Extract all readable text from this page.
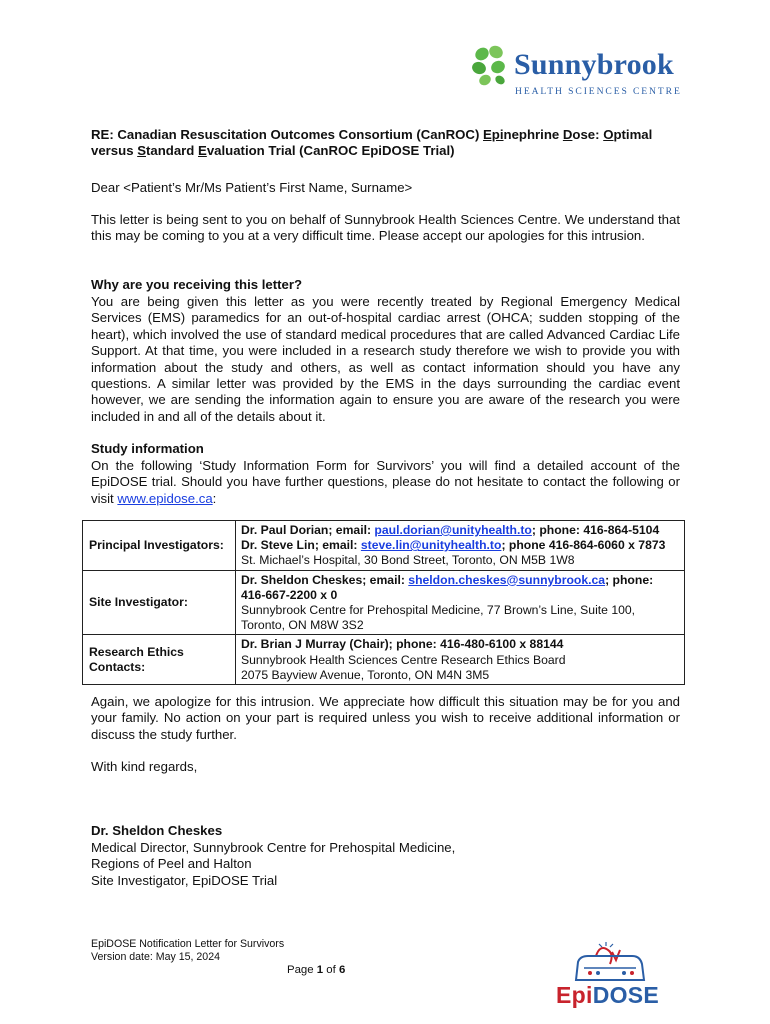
Sunnybrook
HEALTH SCIENCES CENTRE
RE: Canadian Resuscitation Outcomes Consortium (CanROC) Epinephrine Dose: Optimal
versus Standard Evaluation Trial (CanROC EpiDOSE Trial)
Dear <Patient’s Mr/Ms Patient’s First Name, Surname>
This letter is being sent to you on behalf of Sunnybrook Health Sciences Centre. We understand that this may be coming to you at a very difficult time. Please accept our apologies for this intrusion.
Why are you receiving this letter?
You are being given this letter as you were recently treated by Regional Emergency Medical Services (EMS) paramedics for an out-of-hospital cardiac arrest (OHCA; sudden stopping of the heart), which involved the use of standard medical procedures that are called Advanced Cardiac Life Support. At that time, you were included in a research study therefore we wish to provide you with information about the study and others, as well as contact information should you have any questions. A similar letter was provided by the EMS in the days surrounding the cardiac event however, we are sending the information again to ensure you are aware of the research you were included in and all of the details about it.
Study information
On the following ‘Study Information Form for Survivors’ you will find a detailed account of the EpiDOSE trial. Should you have further questions, please do not hesitate to contact the following or visit www.epidose.ca:
Principal Investigators:	Dr. Paul Dorian; email: paul.dorian@unityhealth.to; phone: 416-864-5104
Dr. Steve Lin; email: steve.lin@unityhealth.to; phone 416-864-6060 x 7873
St. Michael’s Hospital, 30 Bond Street, Toronto, ON M5B 1W8
Site Investigator:	Dr. Sheldon Cheskes; email: sheldon.cheskes@sunnybrook.ca; phone: 416-667-2200 x 0
Sunnybrook Centre for Prehospital Medicine, 77 Brown’s Line, Suite 100, Toronto, ON M8W 3S2
Research Ethics Contacts:	Dr. Brian J Murray (Chair); phone: 416-480-6100 x 88144
Sunnybrook Health Sciences Centre Research Ethics Board
2075 Bayview Avenue, Toronto, ON M4N 3M5
Again, we apologize for this intrusion. We appreciate how difficult this situation may be for you and your family. No action on your part is required unless you wish to receive additional information or discuss the study further.
With kind regards,
Dr. Sheldon Cheskes
Medical Director, Sunnybrook Centre for Prehospital Medicine,
Regions of Peel and Halton
Site Investigator, EpiDOSE Trial
EpiDOSE Notification Letter for Survivors
Version date: May 15, 2024
Page 1 of 6
EpiDOSE
